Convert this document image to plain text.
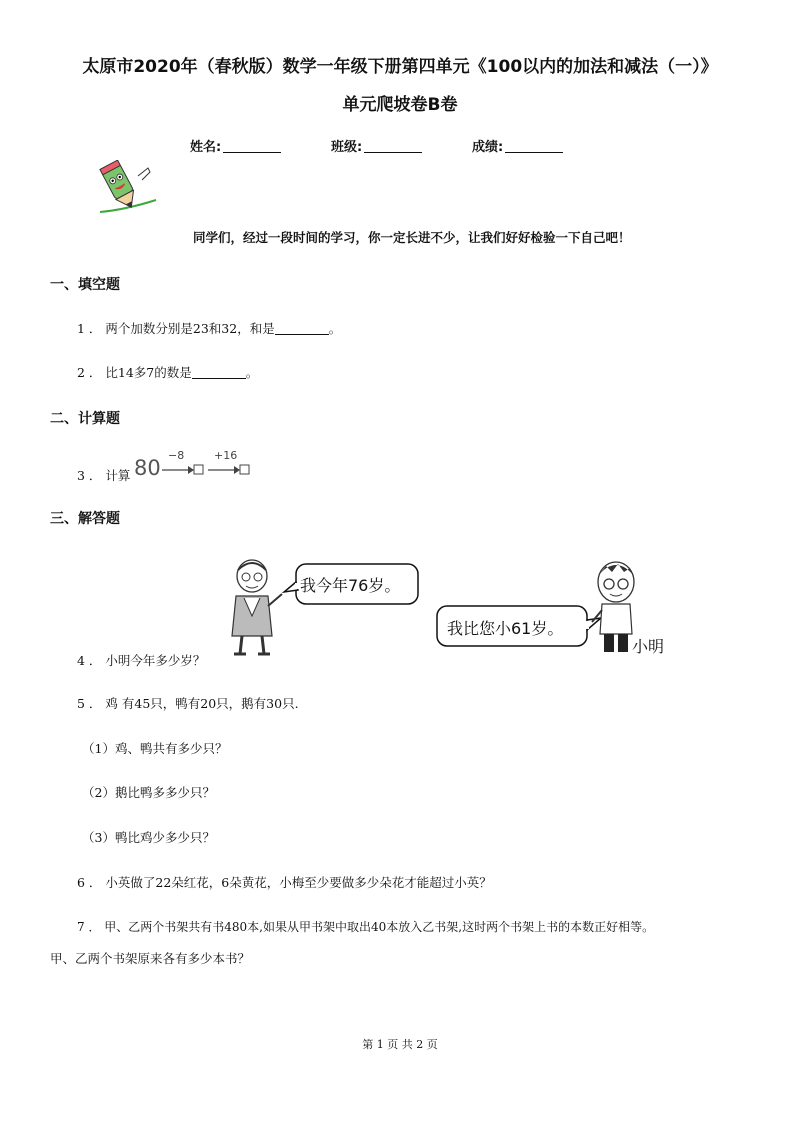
太原市2020年（春秋版）数学一年级下册第四单元《100以内的加法和减法（一）》
单元爬坡卷B卷
姓名:	班级:	成绩:
同学们，经过一段时间的学习，你一定长进不少，让我们好好检验一下自己吧！
一、填空题
1 ． 两个加数分别是23和32，和是	。
2 ． 比14多7的数是	。
二、计算题
3 ． 计算 80
−8	+16
三、解答题
我今年76岁。
我比您小61岁。
小明
4 ． 小明今年多少岁？
5 ． 鸡 有45只，鸭有20只，鹅有30只.
（1）鸡、鸭共有多少只？
（2）鹅比鸭多多少只？
（3）鸭比鸡少多少只？
6 ． 小英做了22朵红花，6朵黄花，小梅至少要做多少朵花才能超过小英？
7 ． 甲、乙两个书架共有书480本,如果从甲书架中取出40本放入乙书架,这时两个书架上书的本数正好相等。
甲、乙两个书架原来各有多少本书？
第 1 页 共 2 页
